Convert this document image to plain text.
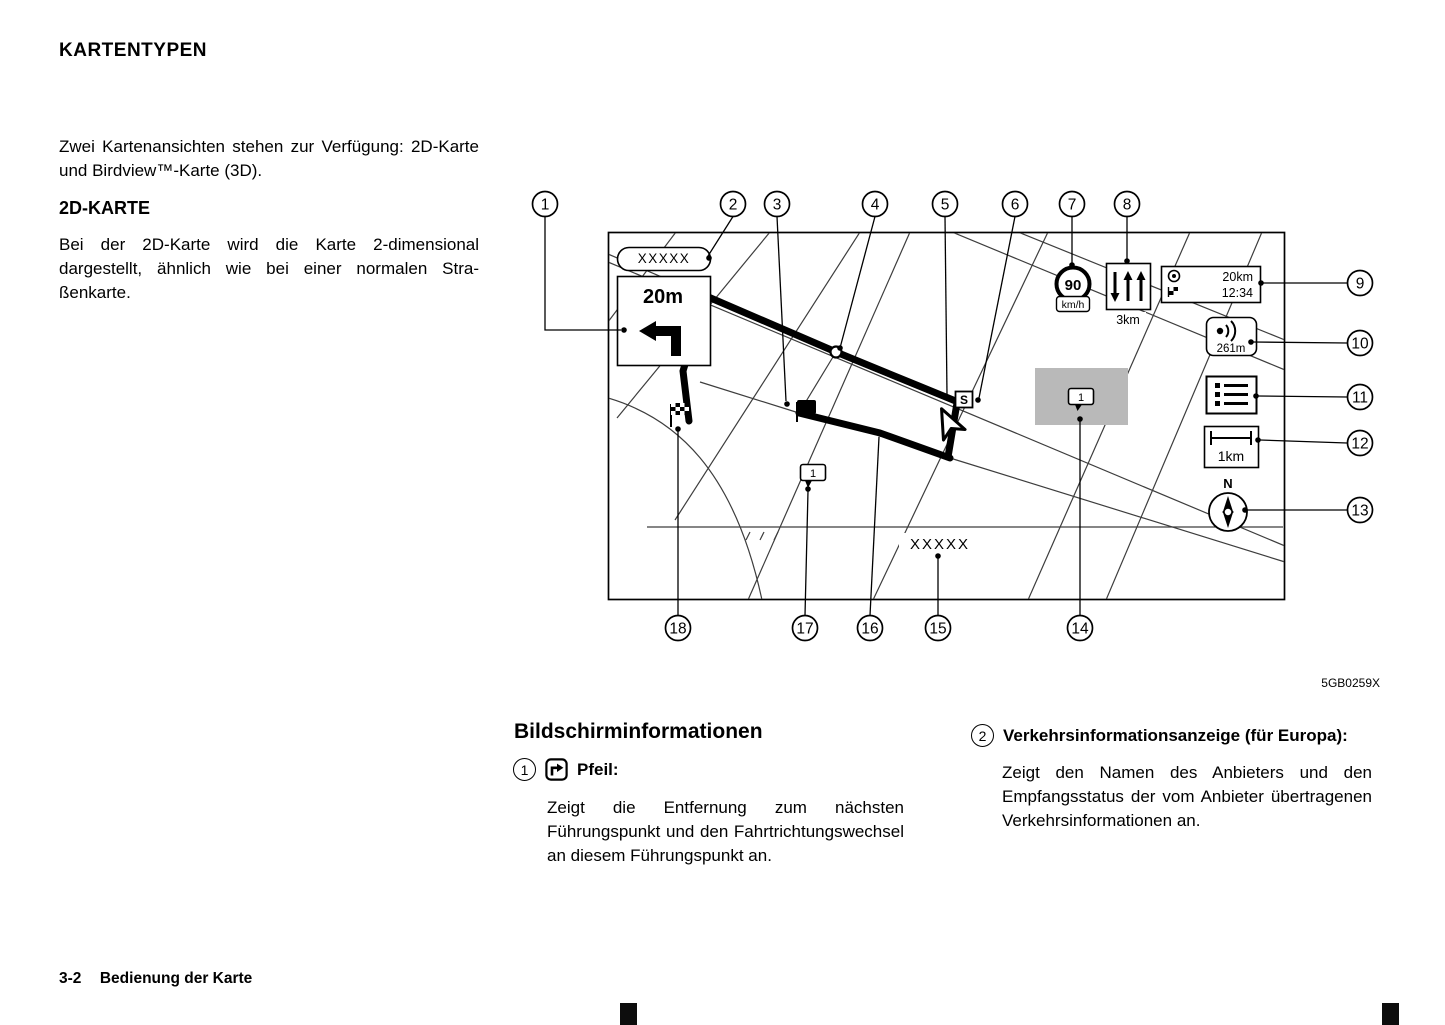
KARTENTYPEN

Zwei Kartenansichten stehen zur Verfügung: 2D-Karte und Birdview™-Karte (3D).

2D-KARTE

Bei der 2D-Karte wird die Karte 2-dimensional dargestellt, ähnlich wie bei einer normalen Straßenkarte.

Bildschirminformationen
1	Pfeil:

Zeigt die Entfernung zum nächsten Führungspunkt und den Fahrtrichtungswechsel an diesem Führungspunkt an.

2 Verkehrsinformationsanzeige (für Europa):

Zeigt den Namen des Anbieters und den Empfangsstatus der vom Anbieter übertragenen Verkehrsinformationen an.

3-2 Bedienung der Karte
XXXXX
20m
90
km/h
3km
20km
12:34
261m
1km
N
XXXXX
1
S	1
1
1	2 3	4	5	6	7	8
9
10
11
12
13
14
15
16
17
18
5GB0259X
